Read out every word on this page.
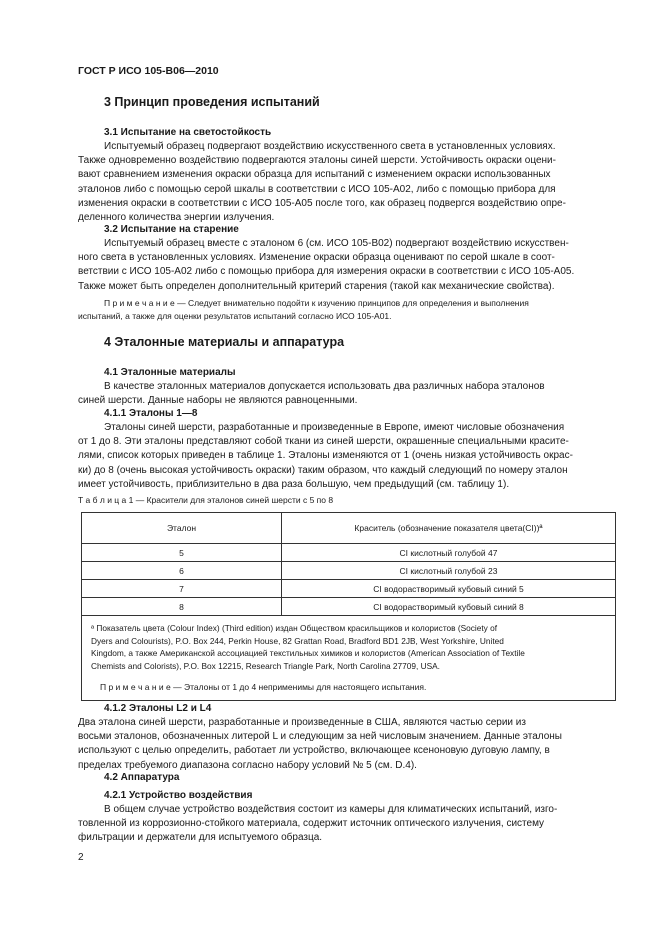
ГОСТ Р ИСО 105-B06—2010
3 Принцип проведения испытаний
3.1 Испытание на светостойкость
Испытуемый образец подвергают воздействию искусственного света в установленных условиях.
Также одновременно воздействию подвергаются эталоны синей шерсти. Устойчивость окраски оцени-
вают сравнением изменения окраски образца для испытаний с изменением окраски использованных
эталонов либо с помощью серой шкалы в соответствии с ИСО 105-A02, либо с помощью прибора для
изменения окраски в соответствии с ИСО 105-A05 после того, как образец подвергся воздействию опре-
деленного количества энергии излучения.
3.2 Испытание на старение
Испытуемый образец вместе с эталоном 6 (см. ИСО 105-B02) подвергают воздействию искусствен-
ного света в установленных условиях. Изменение окраски образца оценивают по серой шкале в соот-
ветствии с ИСО 105-A02 либо с помощью прибора для измерения окраски в соответствии с ИСО 105-A05.
Также может быть определен дополнительный критерий старения (такой как механические свойства).
П р и м е ч а н и е — Следует внимательно подойти к изучению принципов для определения и выполнения
испытаний, а также для оценки результатов испытаний согласно ИСО 105-A01.
4 Эталонные материалы и аппаратура
4.1 Эталонные материалы
В качестве эталонных материалов допускается использовать два различных набора эталонов
синей шерсти. Данные наборы не являются равноценными.
4.1.1 Эталоны 1—8
Эталоны синей шерсти, разработанные и произведенные в Европе, имеют числовые обозначения
от 1 до 8. Эти эталоны представляют собой ткани из синей шерсти, окрашенные специальными красите-
лями, список которых приведен в таблице 1. Эталоны изменяются от 1 (очень низкая устойчивость окрас-
ки) до 8 (очень высокая устойчивость окраски) таким образом, что каждый следующий по номеру эталон
имеет устойчивость, приблизительно в два раза большую, чем предыдущий (см. таблицу 1).
Т а б л и ц а 1 — Красители для эталонов синей шерсти с 5 по 8
Эталон	Краситель (обозначение показателя цвета(CI))ª
5	CI кислотный голубой 47
6	CI кислотный голубой 23
7	CI водорастворимый кубовый синий 5
8	CI водорастворимый кубовый синий 8

ª Показатель цвета (Colour Index) (Third edition) издан Обществом красильщиков и колористов (Society of
Dyers and Colourists), P.O. Box 244, Perkin House, 82 Grattan Road, Bradford BD1 2JB, West Yorkshire, United
Kingdom, а также Американской ассоциацией текстильных химиков и колористов (American Association of Textile
Chemists and Colorists), P.O. Box 12215, Research Triangle Park, North Carolina 27709, USA.
П р и м е ч а н и е — Эталоны от 1 до 4 неприменимы для настоящего испытания.	
4.1.2 Эталоны L2 и L4
Два эталона синей шерсти, разработанные и произведенные в США, являются частью серии из
восьми эталонов, обозначенных литерой L и следующим за ней числовым значением. Данные эталоны
используют с целью определить, работает ли устройство, включающее ксеноновую дуговую лампу, в
пределах требуемого диапазона согласно набору условий № 5 (см. D.4).
4.2 Аппаратура
4.2.1 Устройство воздействия
В общем случае устройство воздействия состоит из камеры для климатических испытаний, изго-
товленной из коррозионно-стойкого материала, содержит источник оптического излучения, систему
фильтрации и держатели для испытуемого образца.
2
